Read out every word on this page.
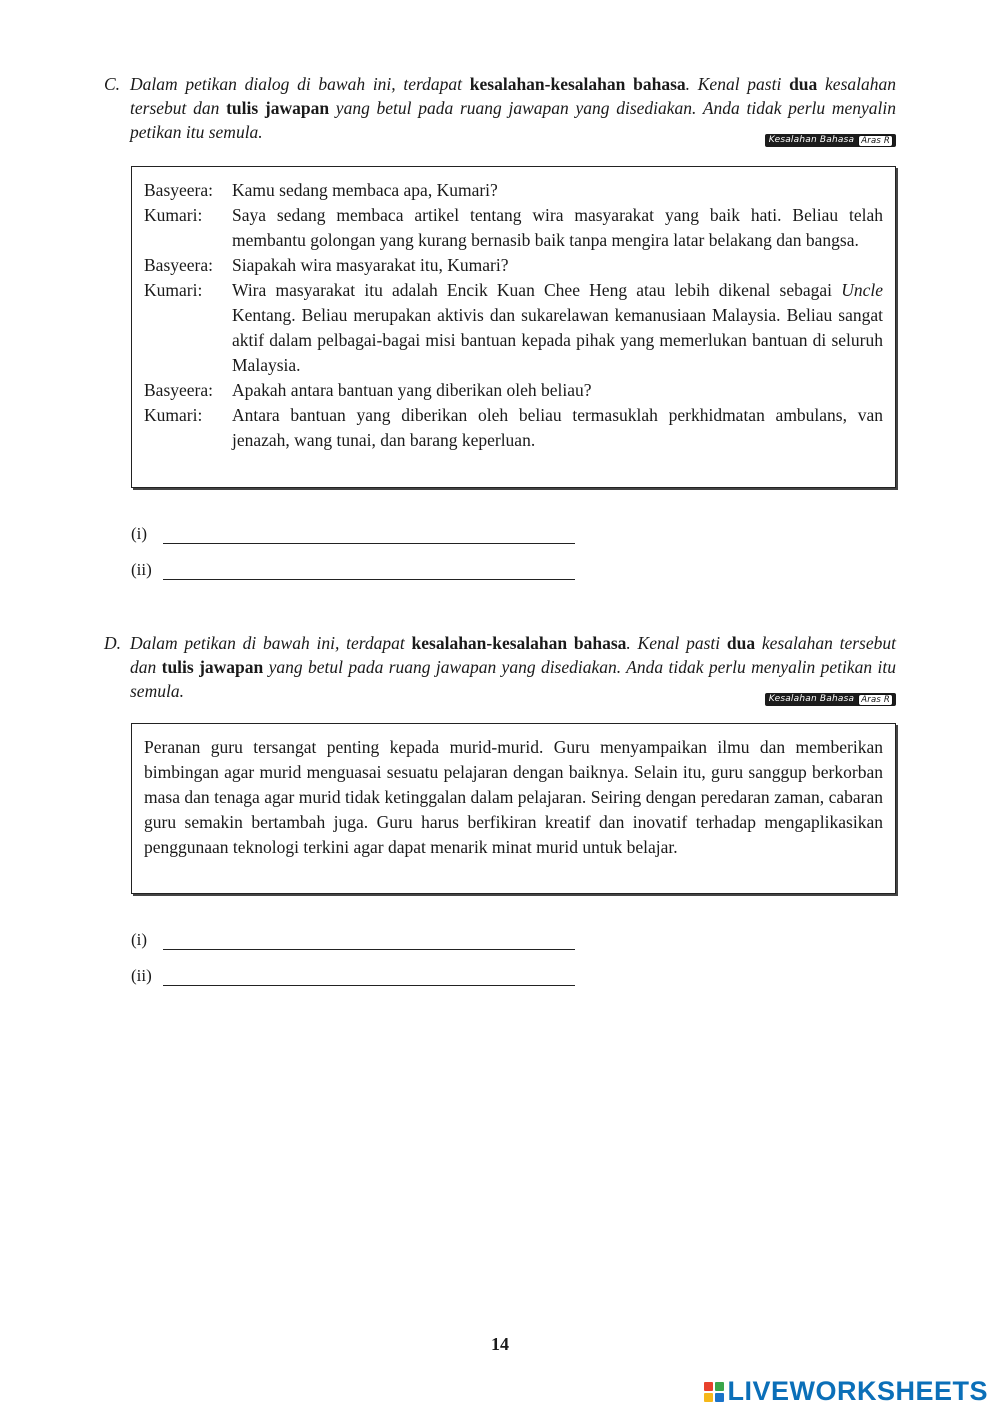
C. Dalam petikan dialog di bawah ini, terdapat kesalahan-kesalahan bahasa. Kenal pasti dua kesalahan tersebut dan tulis jawapan yang betul pada ruang jawapan yang disediakan. Anda tidak perlu menyalin petikan itu semula.	Kesalahan Bahasa Aras R
Basyeera:	Kamu sedang membaca apa, Kumari?
Kumari:	Saya sedang membaca artikel tentang wira masyarakat yang baik hati. Beliau telah membantu golongan yang kurang bernasib baik tanpa mengira latar belakang dan bangsa.
Basyeera:	Siapakah wira masyarakat itu, Kumari?
Kumari:	Wira masyarakat itu adalah Encik Kuan Chee Heng atau lebih dikenal sebagai Uncle Kentang. Beliau merupakan aktivis dan sukarelawan kemanusiaan Malaysia. Beliau sangat aktif dalam pelbagai-bagai misi bantuan kepada pihak yang memerlukan bantuan di seluruh Malaysia.
Basyeera:	Apakah antara bantuan yang diberikan oleh beliau?
Kumari:	Antara bantuan yang diberikan oleh beliau termasuklah perkhidmatan ambulans, van jenazah, wang tunai, dan barang keperluan.
(i)
(ii)
D. Dalam petikan di bawah ini, terdapat kesalahan-kesalahan bahasa. Kenal pasti dua kesalahan tersebut dan tulis jawapan yang betul pada ruang jawapan yang disediakan. Anda tidak perlu menyalin petikan itu semula.	Kesalahan Bahasa Aras R
Peranan guru tersangat penting kepada murid-murid. Guru menyampaikan ilmu dan memberikan bimbingan agar murid menguasai sesuatu pelajaran dengan baiknya. Selain itu, guru sanggup berkorban masa dan tenaga agar murid tidak ketinggalan dalam pelajaran. Seiring dengan peredaran zaman, cabaran guru semakin bertambah juga. Guru harus berfikiran kreatif dan inovatif terhadap mengaplikasikan penggunaan teknologi terkini agar dapat menarik minat murid untuk belajar.
(i)
(ii)
14
LIVEWORKSHEETS
